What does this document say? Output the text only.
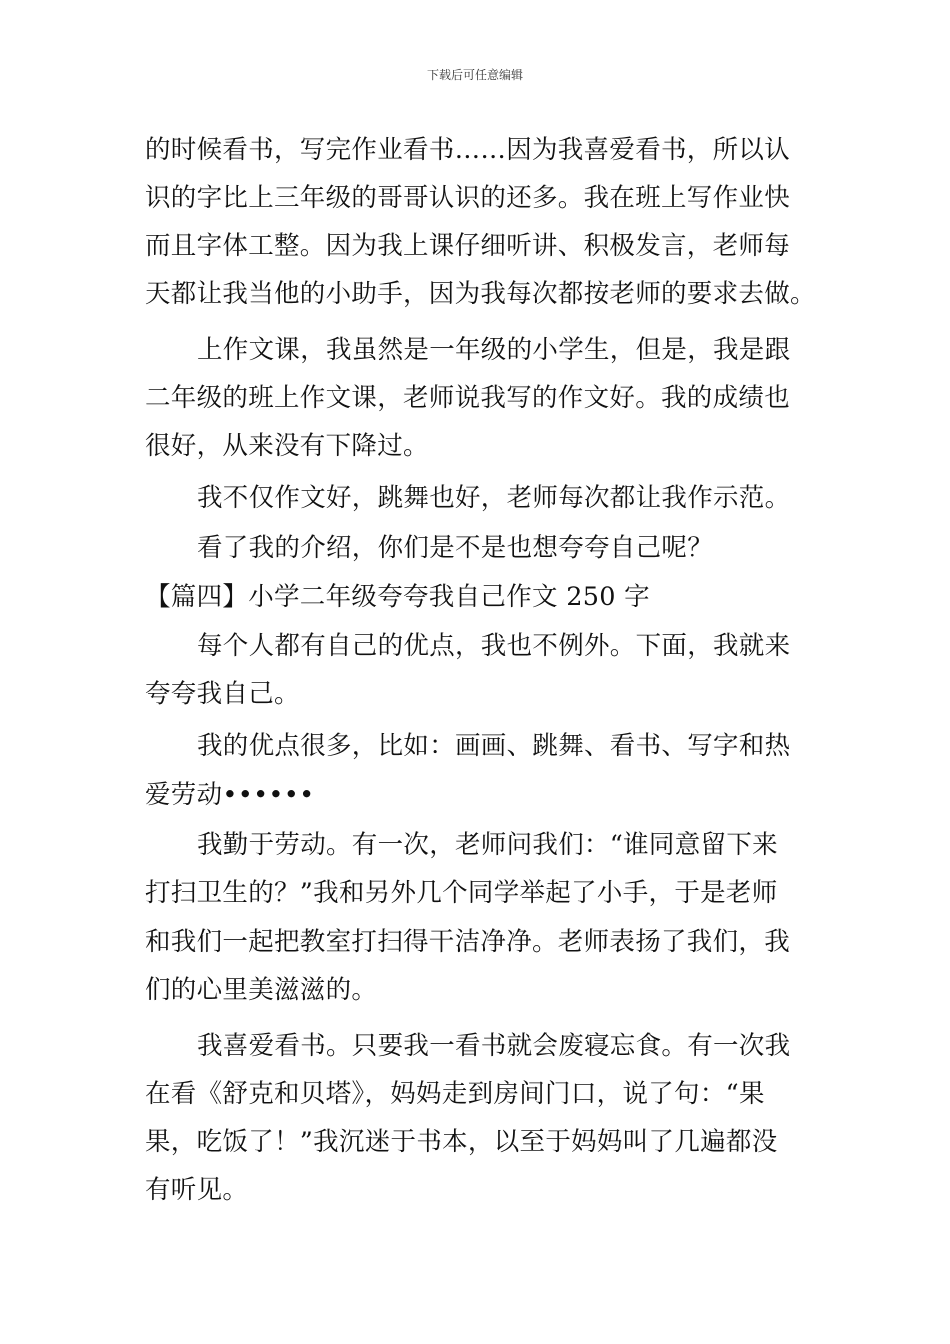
下载后可任意编辑
的时候看书，写完作业看书……因为我喜爱看书，所以认
识的字比上三年级的哥哥认识的还多。我在班上写作业快
而且字体工整。因为我上课仔细听讲、积极发言，老师每
天都让我当他的小助手，因为我每次都按老师的要求去做。
上作文课，我虽然是一年级的小学生，但是，我是跟
二年级的班上作文课，老师说我写的作文好。我的成绩也
很好，从来没有下降过。
我不仅作文好，跳舞也好，老师每次都让我作示范。
看了我的介绍，你们是不是也想夸夸自己呢？
【篇四】小学二年级夸夸我自己作文 250 字
每个人都有自己的优点，我也不例外。下面，我就来
夸夸我自己。
我的优点很多，比如：画画、跳舞、看书、写字和热
爱劳动••••••
我勤于劳动。有一次，老师问我们：“谁同意留下来
打扫卫生的？”我和另外几个同学举起了小手，于是老师
和我们一起把教室打扫得干洁净净。老师表扬了我们，我
们的心里美滋滋的。
我喜爱看书。只要我一看书就会废寝忘食。有一次我
在看《舒克和贝塔》，妈妈走到房间门口，说了句：“果
果，吃饭了！”我沉迷于书本，以至于妈妈叫了几遍都没
有听见。
